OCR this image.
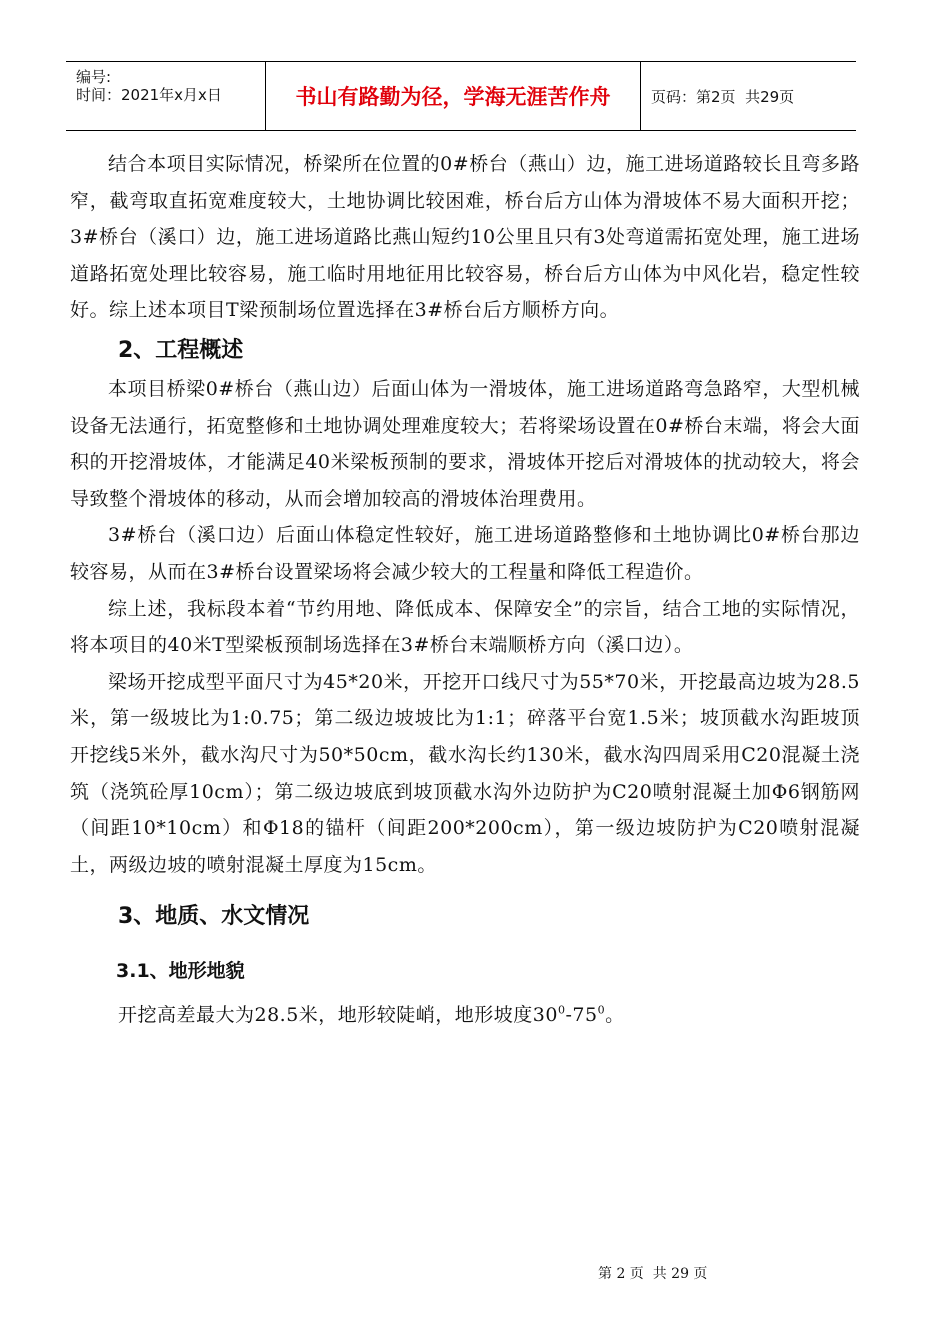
编号:
时间：2021年x月x日	书山有路勤为径，学海无涯苦作舟	页码：第2页  共29页

结合本项目实际情况，桥梁所在位置的0#桥台（燕山）边，施工进场道路较长且弯多路窄，截弯取直拓宽难度较大，土地协调比较困难，桥台后方山体为滑坡体不易大面积开挖；3#桥台（溪口）边，施工进场道路比燕山短约10公里且只有3处弯道需拓宽处理，施工进场道路拓宽处理比较容易，施工临时用地征用比较容易，桥台后方山体为中风化岩，稳定性较好。综上述本项目T梁预制场位置选择在3#桥台后方顺桥方向。

2、工程概述

本项目桥梁0#桥台（燕山边）后面山体为一滑坡体，施工进场道路弯急路窄，大型机械设备无法通行，拓宽整修和土地协调处理难度较大；若将梁场设置在0#桥台末端，将会大面积的开挖滑坡体，才能满足40米梁板预制的要求，滑坡体开挖后对滑坡体的扰动较大，将会导致整个滑坡体的移动，从而会增加较高的滑坡体治理费用。

3#桥台（溪口边）后面山体稳定性较好，施工进场道路整修和土地协调比0#桥台那边较容易，从而在3#桥台设置梁场将会减少较大的工程量和降低工程造价。

综上述，我标段本着“节约用地、降低成本、保障安全”的宗旨，结合工地的实际情况，将本项目的40米T型梁板预制场选择在3#桥台末端顺桥方向（溪口边）。

梁场开挖成型平面尺寸为45*20米，开挖开口线尺寸为55*70米，开挖最高边坡为28.5米，第一级坡比为1:0.75；第二级边坡坡比为1:1；碎落平台宽1.5米；坡顶截水沟距坡顶开挖线5米外，截水沟尺寸为50*50cm，截水沟长约130米，截水沟四周采用C20混凝土浇筑（浇筑砼厚10cm）；第二级边坡底到坡顶截水沟外边防护为C20喷射混凝土加Φ6钢筋网（间距10*10cm）和Φ18的锚杆（间距200*200cm），第一级边坡防护为C20喷射混凝土，两级边坡的喷射混凝土厚度为15cm。

3、地质、水文情况
3.1、地形地貌

开挖高差最大为28.5米，地形较陡峭，地形坡度$30^0-75^0$。

第 2 页  共 29 页
